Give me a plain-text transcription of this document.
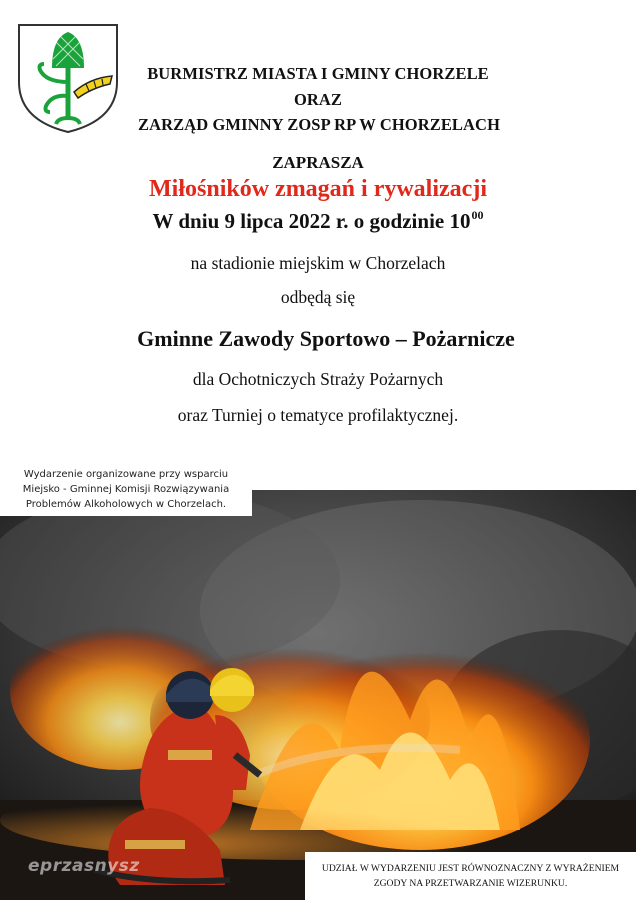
BURMISTRZ MIASTA I GMINY CHORZELE
ORAZ
ZARZĄD GMINNY ZOSP RP W CHORZELACH
ZAPRASZA
Miłośników zmagań i rywalizacji
W dniu 9 lipca 2022 r. o godzinie $10^{00}$
na stadionie miejskim w Chorzelach
odbędą się
Gminne Zawody Sportowo – Pożarnicze
dla Ochotniczych Straży Pożarnych
oraz Turniej o tematyce profilaktycznej.
Wydarzenie organizowane przy wsparciu
Miejsko - Gminnej Komisji Rozwiązywania
Problemów Alkoholowych w Chorzelach.
eprzasnysz	UDZIAŁ W WYDARZENIU JEST RÓWNOZNACZNY Z WYRAŻENIEM
ZGODY NA PRZETWARZANIE WIZERUNKU.
